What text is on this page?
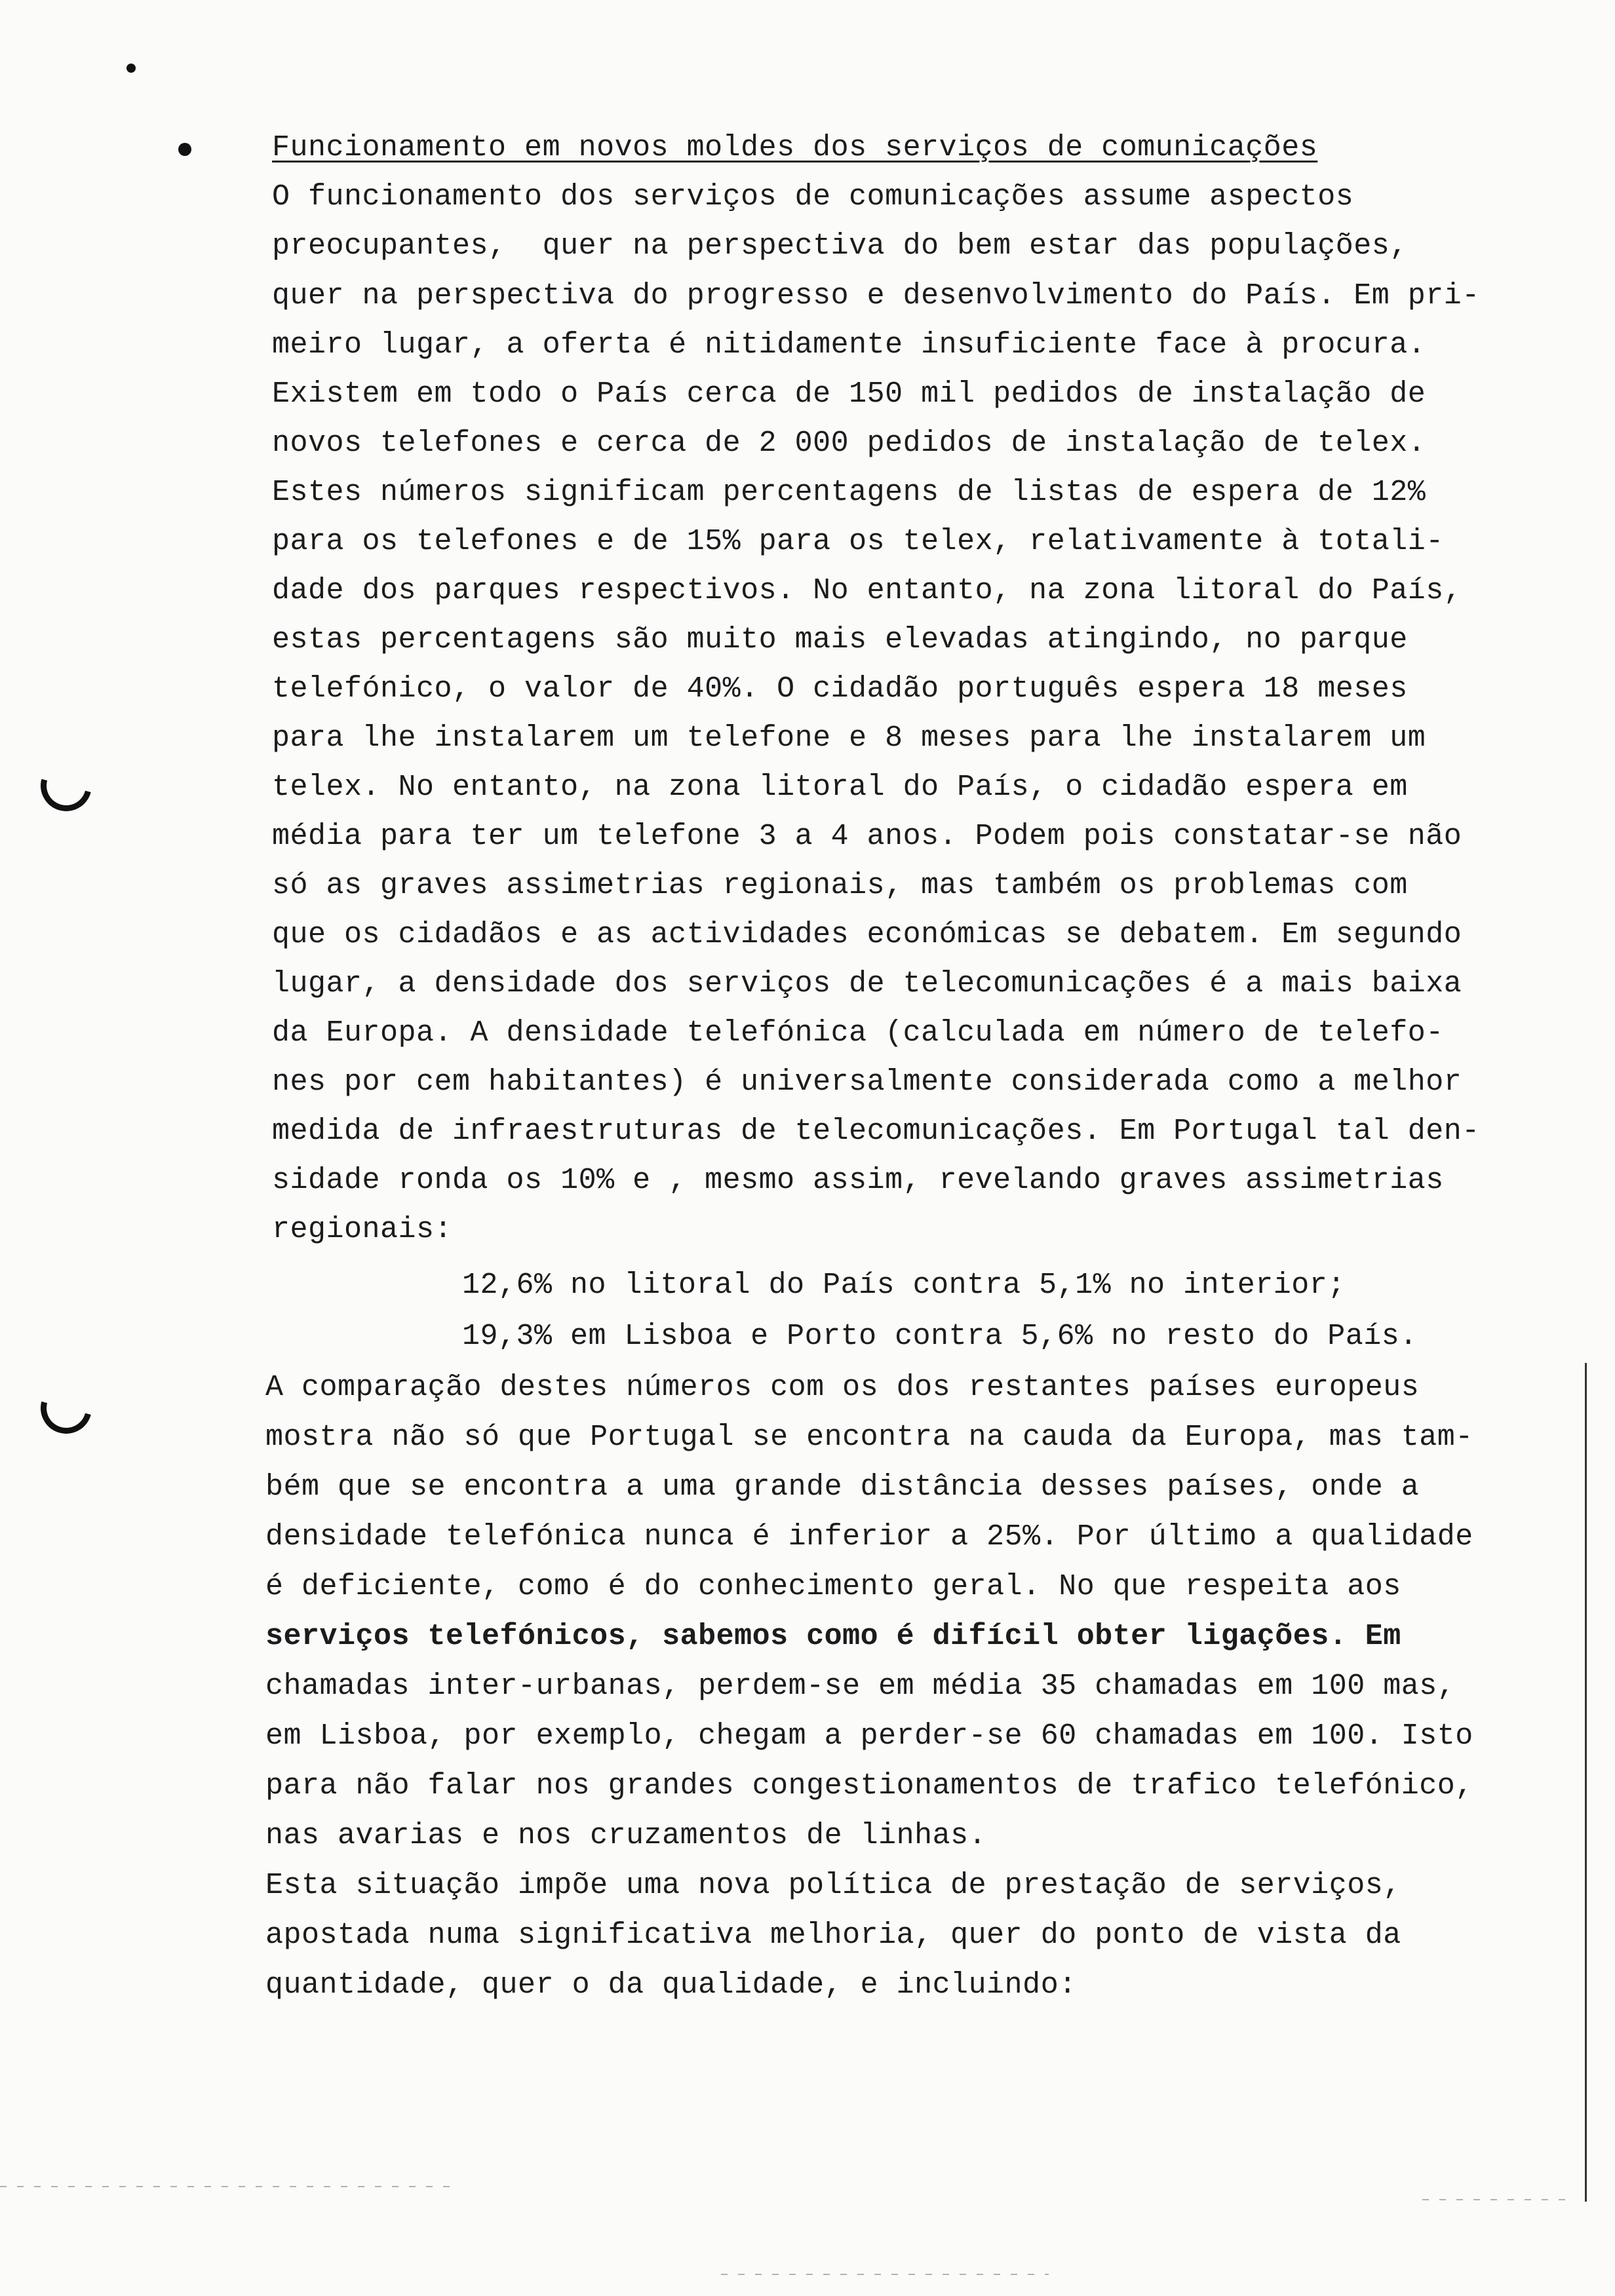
Funcionamento em novos moldes dos serviços de comunicações
O funcionamento dos serviços de comunicações assume aspectos
preocupantes,  quer na perspectiva do bem estar das populações,
quer na perspectiva do progresso e desenvolvimento do País. Em pri-
meiro lugar, a oferta é nitidamente insuficiente face à procura.
Existem em todo o País cerca de 150 mil pedidos de instalação de
novos telefones e cerca de 2 000 pedidos de instalação de telex.
Estes números significam percentagens de listas de espera de 12%
para os telefones e de 15% para os telex, relativamente à totali-
dade dos parques respectivos. No entanto, na zona litoral do País,
estas percentagens são muito mais elevadas atingindo, no parque
telefónico, o valor de 40%. O cidadão português espera 18 meses
para lhe instalarem um telefone e 8 meses para lhe instalarem um
telex. No entanto, na zona litoral do País, o cidadão espera em
média para ter um telefone 3 a 4 anos. Podem pois constatar-se não
só as graves assimetrias regionais, mas também os problemas com
que os cidadãos e as actividades económicas se debatem. Em segundo
lugar, a densidade dos serviços de telecomunicações é a mais baixa
da Europa. A densidade telefónica (calculada em número de telefo-
nes por cem habitantes) é universalmente considerada como a melhor
medida de infraestruturas de telecomunicações. Em Portugal tal den-
sidade ronda os 10% e , mesmo assim, revelando graves assimetrias
regionais:
12,6% no litoral do País contra 5,1% no interior;
19,3% em Lisboa e Porto contra 5,6% no resto do País.
A comparação destes números com os dos restantes países europeus
mostra não só que Portugal se encontra na cauda da Europa, mas tam-
bém que se encontra a uma grande distância desses países, onde a
densidade telefónica nunca é inferior a 25%. Por último a qualidade
é deficiente, como é do conhecimento geral. No que respeita aos
serviços telefónicos, sabemos como é difícil obter ligações. Em
chamadas inter-urbanas, perdem-se em média 35 chamadas em 100 mas,
em Lisboa, por exemplo, chegam a perder-se 60 chamadas em 100. Isto
para não falar nos grandes congestionamentos de trafico telefónico,
nas avarias e nos cruzamentos de linhas.
Esta situação impõe uma nova política de prestação de serviços,
apostada numa significativa melhoria, quer do ponto de vista da
quantidade, quer o da qualidade, e incluindo:
